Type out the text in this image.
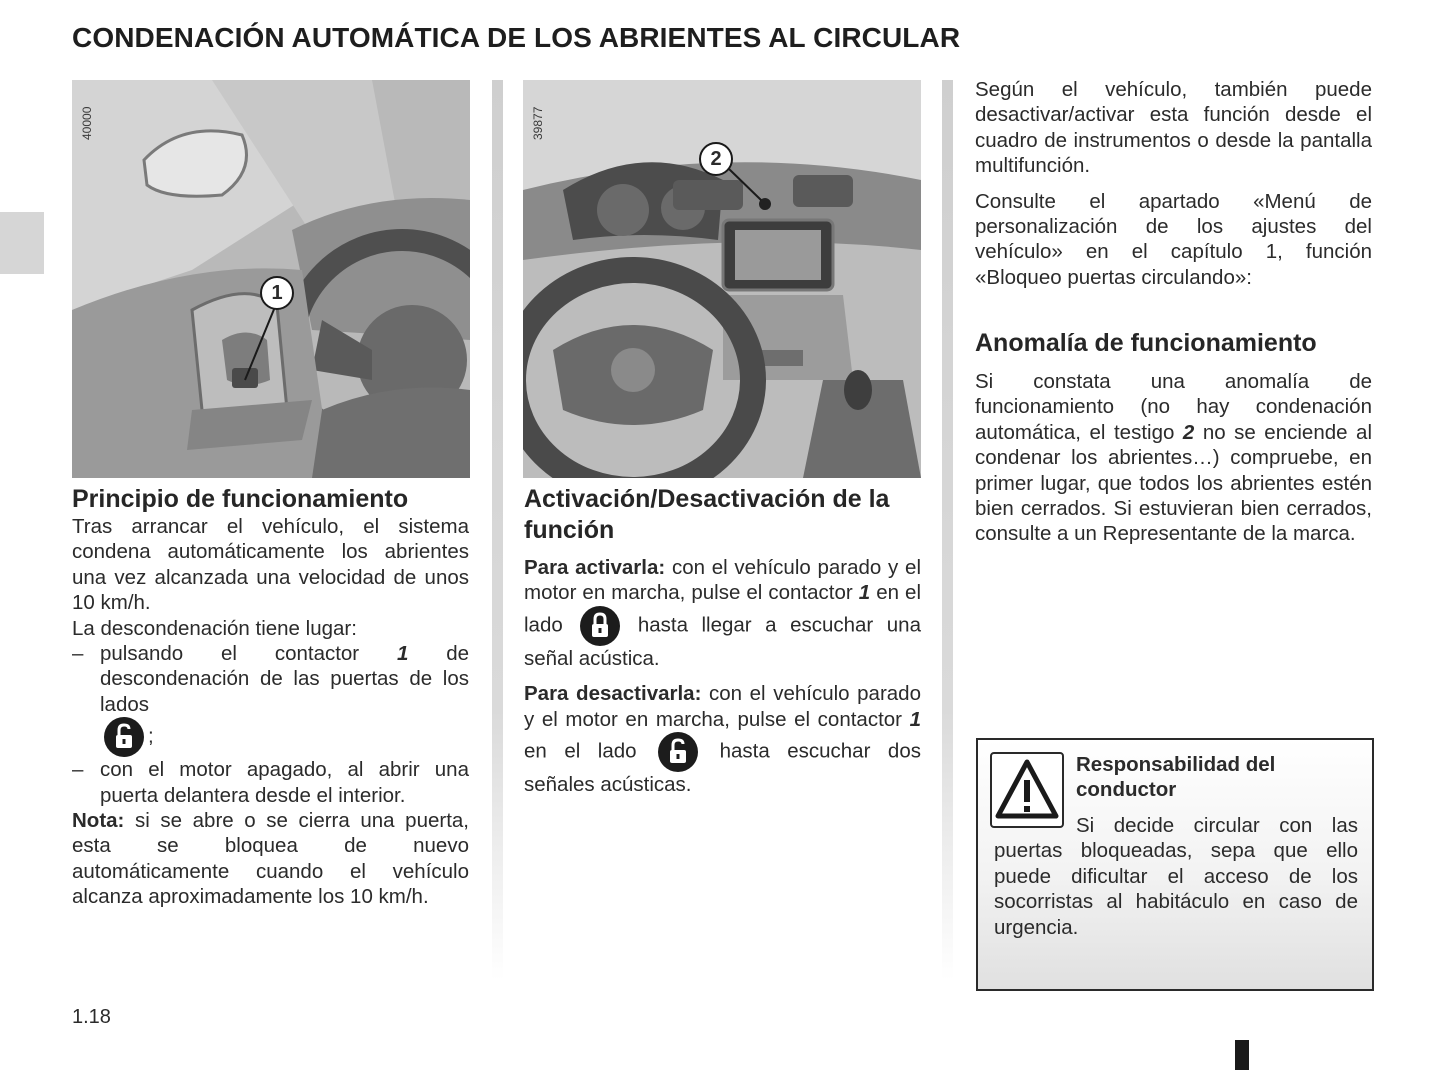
CONDENACIÓN AUTOMÁTICA DE LOS ABRIENTES AL CIRCULAR
40000
1
Principio de funcionamiento

Tras arrancar el vehículo, el sistema condena automáticamente los abrientes una vez alcanzada una velocidad de unos 10 km/h.

La descondenación tiene lugar:

– pulsando el contactor 1 de descondenación de las puertas de los lados

;
– con el motor apagado, al abrir una puerta delantera desde el interior.

Nota: si se abre o se cierra una puerta, esta se bloquea de nuevo automáticamente cuando el vehículo alcanza aproximadamente los 10 km/h.

39877
2
Activación/Desactivación de la función

Para activarla: con el vehículo parado y el motor en marcha, pulse el contactor 1 en el lado	hasta llegar a escuchar una señal acústica.

Para desactivarla: con el vehículo parado y el motor en marcha, pulse el contactor 1 en el lado	hasta escuchar dos señales acústicas.

Según el vehículo, también puede desactivar/activar esta función desde el cuadro de instrumentos o desde la pantalla multifunción.

Consulte el apartado «Menú de personalización de los ajustes del vehículo» en el capítulo 1, función «Bloqueo puertas circulando»:

Anomalía de funcionamiento

Si constata una anomalía de funcionamiento (no hay condenación automática, el testigo 2 no se enciende al condenar los abrientes…) compruebe, en primer lugar, que todos los abrientes estén bien cerrados. Si estuvieran bien cerrados, consulte a un Representante de la marca.

Responsabilidad del conductor
Si decide circular con las puertas bloqueadas, sepa que ello puede dificultar el acceso de los socorristas al habitáculo en caso de urgencia.
1.18
